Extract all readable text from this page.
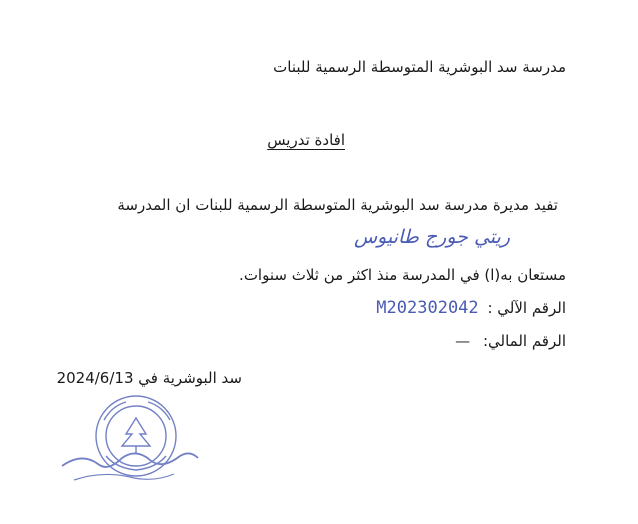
مدرسة سد البوشرية المتوسطة الرسمية للبنات
افادة تدريس
تفيد مديرة مدرسة سد البوشرية المتوسطة الرسمية للبنات ان المدرسة
ريتي جورج طانيوس
مستعان به(ا) في المدرسة منذ اكثر من ثلاث سنوات.
الرقم الآلي : M202302042
الرقم المالي: —
سد البوشرية في 2024/6/13
